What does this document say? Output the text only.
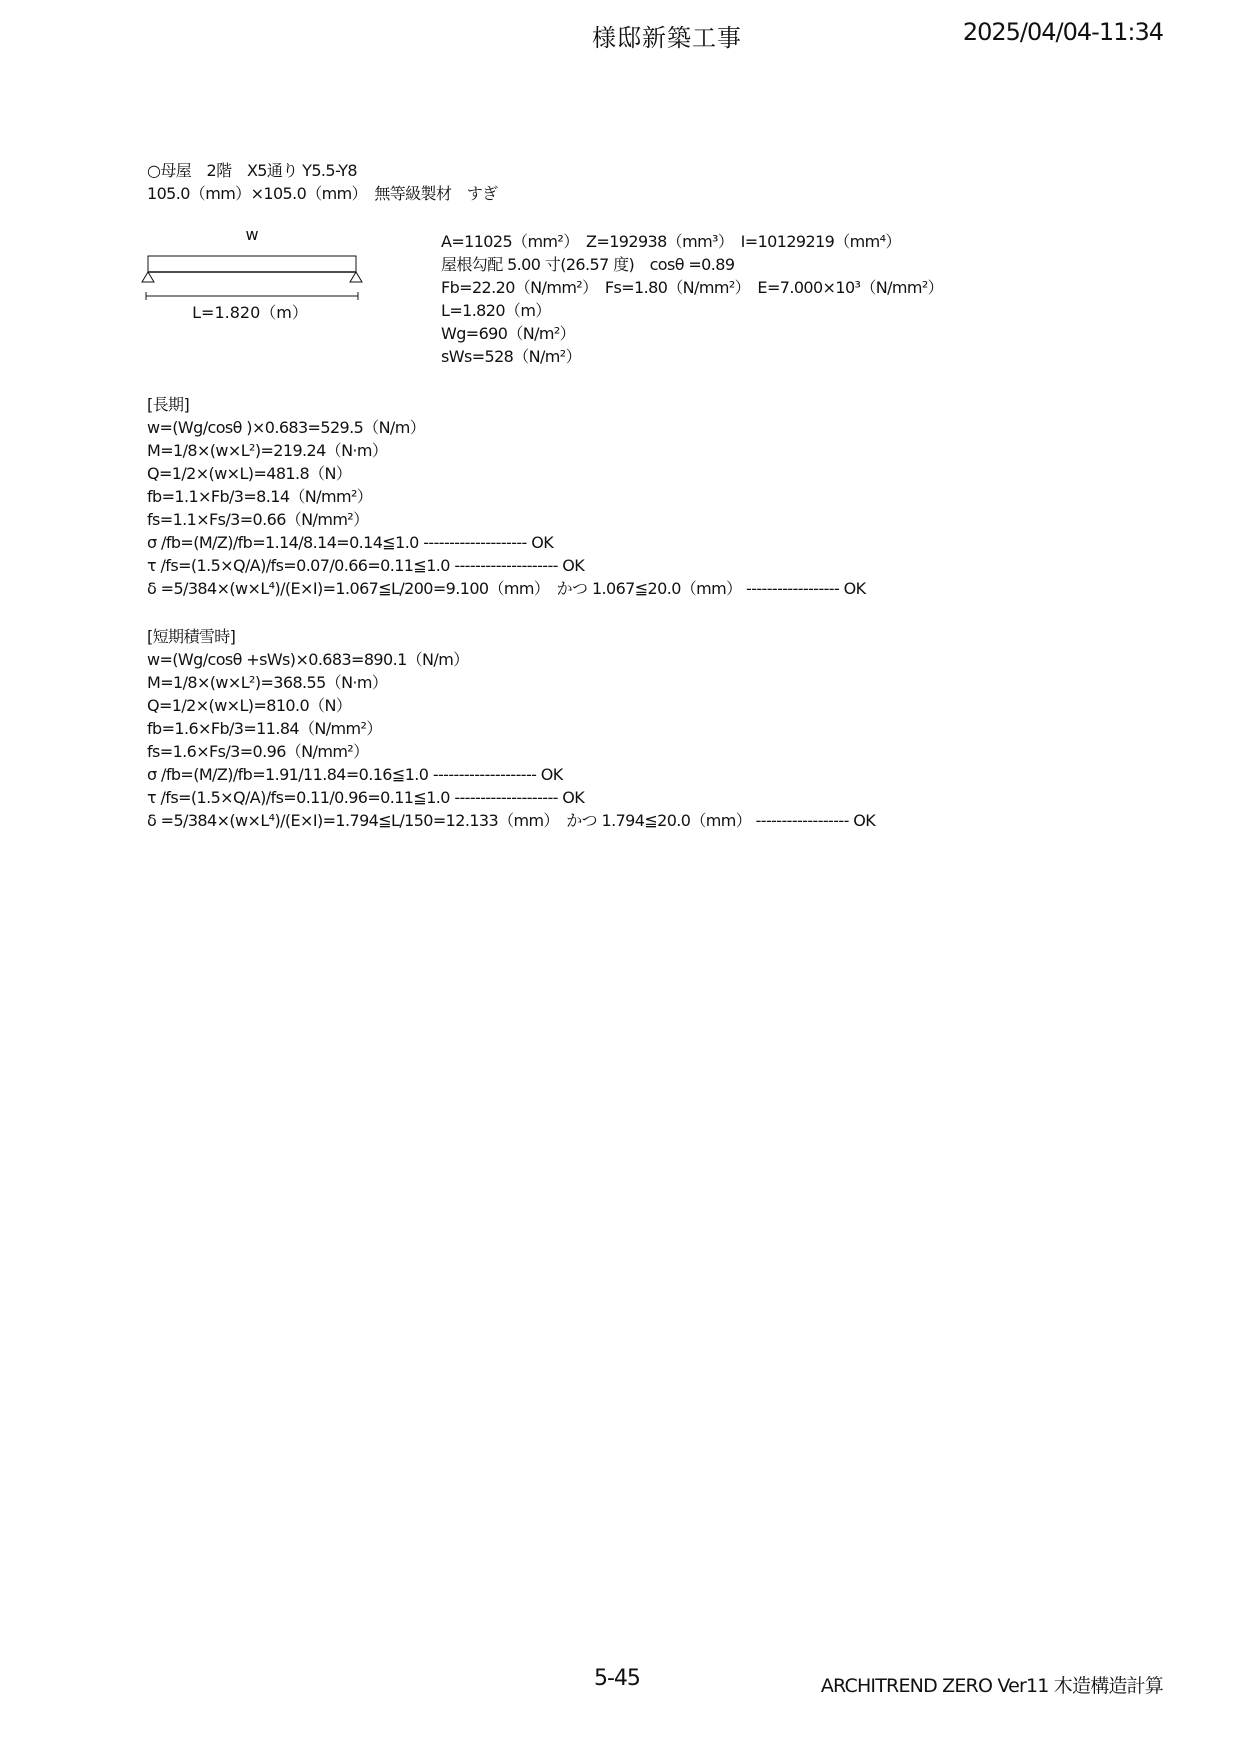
様邸新築工事	2025/04/04-11:34
○母屋　2階　X5通り Y5.5-Y8
105.0（mm）×105.0（mm）　無等級製材　すぎ
w
L=1.820（m）
A=11025（mm²）　Z=192938（mm³）　I=10129219（mm⁴）
屋根勾配 5.00 寸(26.57 度)　cosθ =0.89
Fb=22.20（N/mm²）　Fs=1.80（N/mm²）　E=7.000×10³（N/mm²）
L=1.820（m）
Wg=690（N/m²）
sWs=528（N/m²）
[長期]
w=(Wg/cosθ )×0.683=529.5（N/m）
M=1/8×(w×L²)=219.24（N·m）
Q=1/2×(w×L)=481.8（N）
fb=1.1×Fb/3=8.14（N/mm²）
fs=1.1×Fs/3=0.66（N/mm²）
σ /fb=(M/Z)/fb=1.14/8.14=0.14≦1.0 -------------------- OK
τ /fs=(1.5×Q/A)/fs=0.07/0.66=0.11≦1.0 -------------------- OK
δ =5/384×(w×L⁴)/(E×I)=1.067≦L/200=9.100（mm）　かつ 1.067≦20.0（mm） ------------------ OK
[短期積雪時]
w=(Wg/cosθ +sWs)×0.683=890.1（N/m）
M=1/8×(w×L²)=368.55（N·m）
Q=1/2×(w×L)=810.0（N）
fb=1.6×Fb/3=11.84（N/mm²）
fs=1.6×Fs/3=0.96（N/mm²）
σ /fb=(M/Z)/fb=1.91/11.84=0.16≦1.0 -------------------- OK
τ /fs=(1.5×Q/A)/fs=0.11/0.96=0.11≦1.0 -------------------- OK
δ =5/384×(w×L⁴)/(E×I)=1.794≦L/150=12.133（mm）　かつ 1.794≦20.0（mm） ------------------ OK
5-45	ARCHITREND ZERO Ver11 木造構造計算
